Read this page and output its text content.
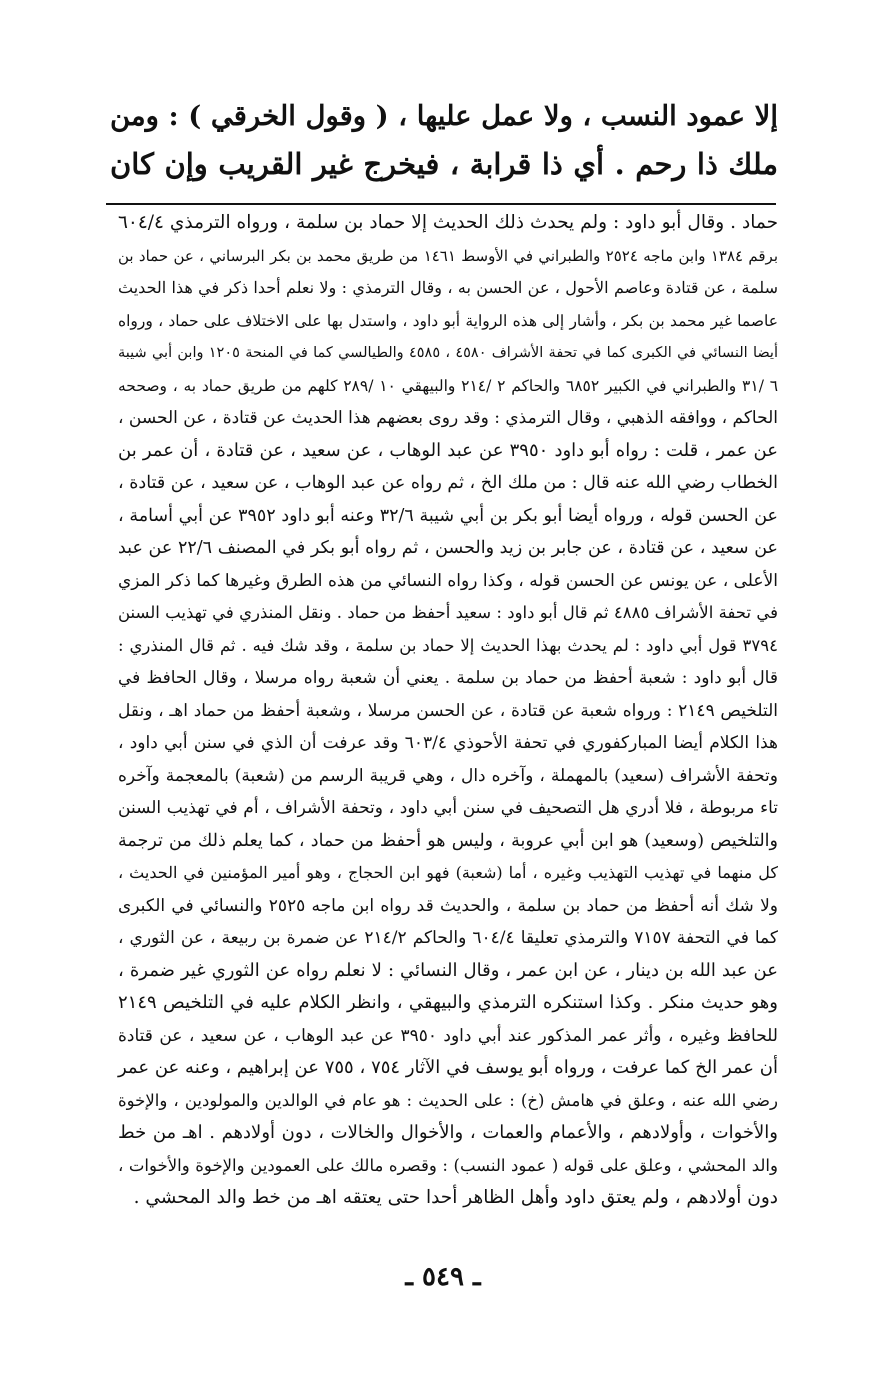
إلا عمود النسب ، ولا عمل عليها ، ( وقول الخرقي ) : ومن
ملك ذا رحم . أي ذا قرابة ، فيخرج غير القريب وإن كان
حماد . وقال أبو داود : ولم يحدث ذلك الحديث إلا حماد بن سلمة ، ورواه الترمذي ٦٠٤/٤
برقم ١٣٨٤ وابن ماجه ٢٥٢٤ والطبراني في الأوسط ١٤٦١ من طريق محمد بن بكر البرساني ، عن حماد بن
سلمة ، عن قتادة وعاصم الأحول ، عن الحسن به ، وقال الترمذي : ولا نعلم أحدا ذكر في هذا الحديث
عاصما غير محمد بن بكر ، وأشار إلى هذه الرواية أبو داود ، واستدل بها على الاختلاف على حماد ، ورواه
أيضا النسائي في الكبرى كما في تحفة الأشراف ٤٥٨٠ ، ٤٥٨٥ والطيالسي كما في المنحة ١٢٠٥ وابن أبي شيبة
٦ /٣١ والطبراني في الكبير ٦٨٥٢ والحاكم ٢ /٢١٤ والبيهقي ١٠ /٢٨٩ كلهم من طريق حماد به ، وصححه
الحاكم ، ووافقه الذهبي ، وقال الترمذي : وقد روى بعضهم هذا الحديث عن قتادة ، عن الحسن ،
عن عمر ، قلت : رواه أبو داود ٣٩٥٠ عن عبد الوهاب ، عن سعيد ، عن قتادة ، أن عمر بن
الخطاب رضي الله عنه قال : من ملك الخ ، ثم رواه عن عبد الوهاب ، عن سعيد ، عن قتادة ،
عن الحسن قوله ، ورواه أيضا أبو بكر بن أبي شيبة ٣٢/٦ وعنه أبو داود ٣٩٥٢ عن أبي أسامة ،
عن سعيد ، عن قتادة ، عن جابر بن زيد والحسن ، ثم رواه أبو بكر في المصنف ٢٢/٦ عن عبد
الأعلى ، عن يونس عن الحسن قوله ، وكذا رواه النسائي من هذه الطرق وغيرها كما ذكر المزي
في تحفة الأشراف ٤٨٨٥ ثم قال أبو داود : سعيد أحفظ من حماد . ونقل المنذري في تهذيب السنن
٣٧٩٤ قول أبي داود : لم يحدث بهذا الحديث إلا حماد بن سلمة ، وقد شك فيه . ثم قال المنذري :
قال أبو داود : شعبة أحفظ من حماد بن سلمة . يعني أن شعبة رواه مرسلا ، وقال الحافظ في
التلخيص ٢١٤٩ : ورواه شعبة عن قتادة ، عن الحسن مرسلا ، وشعبة أحفظ من حماد اهـ ، ونقل
هذا الكلام أيضا المباركفوري في تحفة الأحوذي ٦٠٣/٤ وقد عرفت أن الذي في سنن أبي داود ،
وتحفة الأشراف (سعيد) بالمهملة ، وآخره دال ، وهي قريبة الرسم من (شعبة) بالمعجمة وآخره
تاء مربوطة ، فلا أدري هل التصحيف في سنن أبي داود ، وتحفة الأشراف ، أم في تهذيب السنن
والتلخيص (وسعيد) هو ابن أبي عروبة ، وليس هو أحفظ من حماد ، كما يعلم ذلك من ترجمة
كل منهما في تهذيب التهذيب وغيره ، أما (شعبة) فهو ابن الحجاج ، وهو أمير المؤمنين في الحديث ،
ولا شك أنه أحفظ من حماد بن سلمة ، والحديث قد رواه ابن ماجه ٢٥٢٥ والنسائي في الكبرى
كما في التحفة ٧١٥٧ والترمذي تعليقا ٦٠٤/٤ والحاكم ٢١٤/٢ عن ضمرة بن ربيعة ، عن الثوري ،
عن عبد الله بن دينار ، عن ابن عمر ، وقال النسائي : لا نعلم رواه عن الثوري غير ضمرة ،
وهو حديث منكر . وكذا استنكره الترمذي والبيهقي ، وانظر الكلام عليه في التلخيص ٢١٤٩
للحافظ وغيره ، وأثر عمر المذكور عند أبي داود ٣٩٥٠ عن عبد الوهاب ، عن سعيد ، عن قتادة
أن عمر الخ كما عرفت ، ورواه أبو يوسف في الآثار ٧٥٤ ، ٧٥٥ عن إبراهيم ، وعنه عن عمر
رضي الله عنه ، وعلق في هامش (خ) : على الحديث : هو عام في الوالدين والمولودين ، والإخوة
والأخوات ، وأولادهم ، والأعمام والعمات ، والأخوال والخالات ، دون أولادهم . اهـ من خط
والد المحشي ، وعلق على قوله ( عمود النسب) : وقصره مالك على العمودين والإخوة والأخوات ،
دون أولادهم ، ولم يعتق داود وأهل الظاهر أحدا حتى يعتقه اهـ من خط والد المحشي .
ـ ٥٤٩ ـ
